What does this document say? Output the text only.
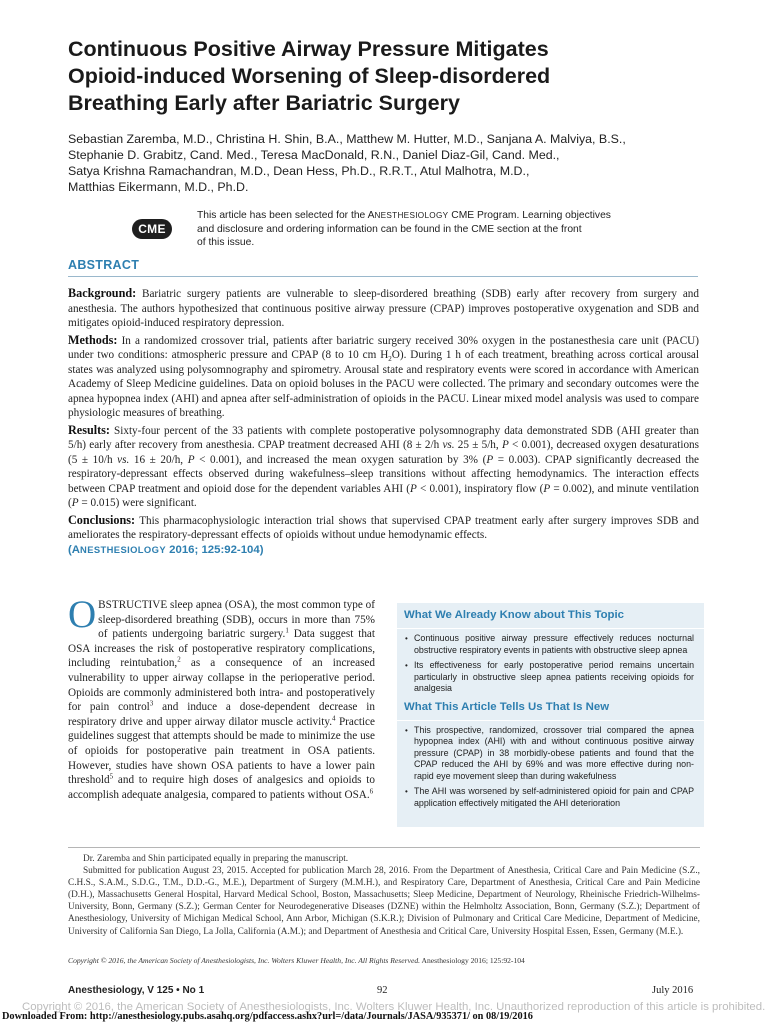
Continuous Positive Airway Pressure Mitigates
Opioid-induced Worsening of Sleep-disordered
Breathing Early after Bariatric Surgery
Sebastian Zaremba, M.D., Christina H. Shin, B.A., Matthew M. Hutter, M.D., Sanjana A. Malviya, B.S.,
Stephanie D. Grabitz, Cand. Med., Teresa MacDonald, R.N., Daniel Diaz-Gil, Cand. Med.,
Satya Krishna Ramachandran, M.D., Dean Hess, Ph.D., R.R.T., Atul Malhotra, M.D.,
Matthias Eikermann, M.D., Ph.D.
CME
This article has been selected for the ANESTHESIOLOGY CME Program. Learning objectives
and disclosure and ordering information can be found in the CME section at the front
of this issue.
ABSTRACT

Background: Bariatric surgery patients are vulnerable to sleep-disordered breathing (SDB) early after recovery from surgery and anesthesia. The authors hypothesized that continuous positive airway pressure (CPAP) improves postoperative oxygenation and SDB and mitigates opioid-induced respiratory depression.

Methods: In a randomized crossover trial, patients after bariatric surgery received 30% oxygen in the postanesthesia care unit (PACU) under two conditions: atmospheric pressure and CPAP (8 to 10 cm $H_2O$). During 1 h of each treatment, breathing across cortical arousal states was analyzed using polysomnography and spirometry. Arousal state and respiratory events were scored in accordance with American Academy of Sleep Medicine guidelines. Data on opioid boluses in the PACU were collected. The primary and secondary outcomes were the apnea hypopnea index (AHI) and apnea after self-administration of opioids in the PACU. Linear mixed model analysis was used to compare physiologic measures of breathing.

Results: Sixty-four percent of the 33 patients with complete postoperative polysomnography data demonstrated SDB (AHI greater than 5/h) early after recovery from anesthesia. CPAP treatment decreased AHI (8 ± 2/h vs. 25 ± 5/h, P < 0.001), decreased oxygen desaturations (5 ± 10/h vs. 16 ± 20/h, P < 0.001), and increased the mean oxygen saturation by 3% (P = 0.003). CPAP significantly decreased the respiratory-depressant effects observed during wakefulness–sleep transitions without affecting hemodynamics. The interaction effects between CPAP treatment and opioid dose for the dependent variables AHI (P < 0.001), inspiratory flow (P = 0.002), and minute ventilation (P = 0.015) were significant.

Conclusions: This pharmacophysiologic interaction trial shows that supervised CPAP treatment early after surgery improves SDB and ameliorates the respiratory-depressant effects of opioids without undue hemodynamic effects.
(ANESTHESIOLOGY 2016; 125:92-104)

OBSTRUCTIVE sleep apnea (OSA), the most common type of sleep-disordered breathing (SDB), occurs in more than 75% of patients undergoing bariatric surgery.$^1$ Data suggest that OSA increases the risk of postoperative respiratory complications, including reintubation,$^2$ as a consequence of an increased vulnerability to upper airway collapse in the perioperative period. Opioids are commonly administered both intra- and postoperatively for pain control$^3$ and induce a dose-dependent decrease in respiratory drive and upper airway dilator muscle activity.$^4$ Practice guidelines suggest that attempts should be made to minimize the use of opioids for postoperative pain treatment in OSA patients. However, studies have shown OSA patients to have a lower pain threshold$^5$ and to require high doses of analgesics and opioids to accomplish adequate analgesia, compared to patients without OSA.$^6$
What We Already Know about This Topic
• Continuous positive airway pressure effectively reduces nocturnal obstructive respiratory events in patients with obstructive sleep apnea
• Its effectiveness for early postoperative period remains uncertain particularly in obstructive sleep apnea patients receiving opioids for analgesia
What This Article Tells Us That Is New
• This prospective, randomized, crossover trial compared the apnea hypopnea index (AHI) with and without continuous positive airway pressure (CPAP) in 38 morbidly-obese patients and found that the CPAP reduced the AHI by 69% and was more effective during non-rapid eye movement sleep than during wakefulness
• The AHI was worsened by self-administered opioid for pain and CPAP application effectively mitigated the AHI deterioration

Dr. Zaremba and Shin participated equally in preparing the manuscript.

Submitted for publication August 23, 2015. Accepted for publication March 28, 2016. From the Department of Anesthesia, Critical Care and Pain Medicine (S.Z., C.H.S., S.A.M., S.D.G., T.M., D.D.-G., M.E.), Department of Surgery (M.M.H.), and Respiratory Care, Department of Anesthesia, Critical Care and Pain Medicine (D.H.), Massachusetts General Hospital, Harvard Medical School, Boston, Massachusetts; Sleep Medicine, Department of Neurology, Rheinische Friedrich-Wilhelms-University, Bonn, Germany (S.Z.); German Center for Neurodegenerative Diseases (DZNE) within the Helmholtz Association, Bonn, Germany (S.Z.); Department of Anesthesiology, University of Michigan Medical School, Ann Arbor, Michigan (S.K.R.); Division of Pulmonary and Critical Care Medicine, Department of Medicine, University of California San Diego, La Jolla, California (A.M.); and Department of Anesthesia and Critical Care, University Hospital Essen, Essen, Germany (M.E.).

Copyright © 2016, the American Society of Anesthesiologists, Inc. Wolters Kluwer Health, Inc. All Rights Reserved. Anesthesiology 2016; 125:92-104
Anesthesiology, V 125 • No 1	92	July 2016
Copyright © 2016, the American Society of Anesthesiologists, Inc. Wolters Kluwer Health, Inc. Unauthorized reproduction of this article is prohibited.
Downloaded From: http://anesthesiology.pubs.asahq.org/pdfaccess.ashx?url=/data/Journals/JASA/935371/ on 08/19/2016
